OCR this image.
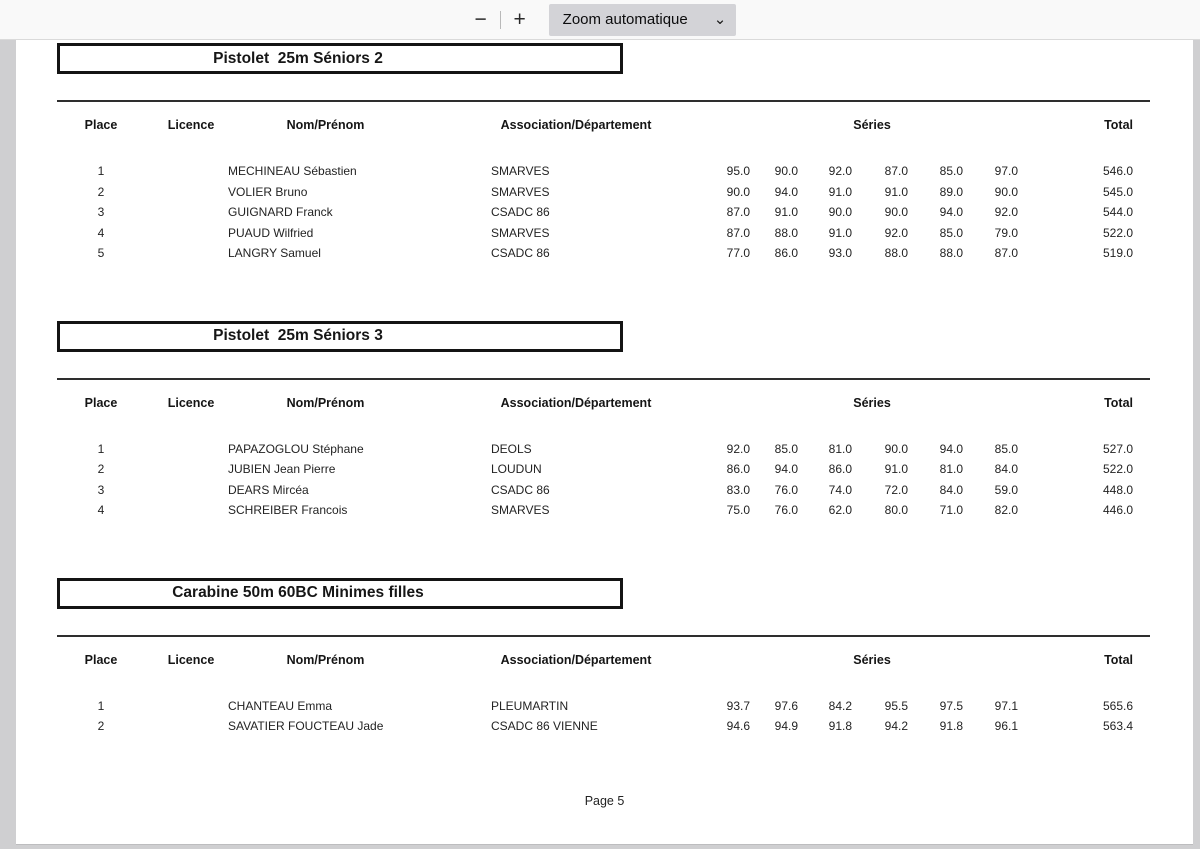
−	+	Zoom automatique ⌄
Pistolet  25m Séniors 2
Place	Licence	Nom/Prénom	Association/Département	Séries	Total
1	MECHINEAU Sébastien	SMARVES	95.0	90.0	92.0	87.0	85.0	97.0	546.0
2	VOLIER Bruno	SMARVES	90.0	94.0	91.0	91.0	89.0	90.0	545.0
3	GUIGNARD Franck	CSADC 86	87.0	91.0	90.0	90.0	94.0	92.0	544.0
4	PUAUD Wilfried	SMARVES	87.0	88.0	91.0	92.0	85.0	79.0	522.0
5	LANGRY Samuel	CSADC 86	77.0	86.0	93.0	88.0	88.0	87.0	519.0
Pistolet  25m Séniors 3
Place	Licence	Nom/Prénom	Association/Département	Séries	Total
1	PAPAZOGLOU Stéphane	DEOLS	92.0	85.0	81.0	90.0	94.0	85.0	527.0
2	JUBIEN Jean Pierre	LOUDUN	86.0	94.0	86.0	91.0	81.0	84.0	522.0
3	DEARS Mircéa	CSADC 86	83.0	76.0	74.0	72.0	84.0	59.0	448.0
4	SCHREIBER Francois	SMARVES	75.0	76.0	62.0	80.0	71.0	82.0	446.0
Carabine 50m 60BC Minimes filles
Place	Licence	Nom/Prénom	Association/Département	Séries	Total
1	CHANTEAU Emma	PLEUMARTIN	93.7	97.6	84.2	95.5	97.5	97.1	565.6
2	SAVATIER FOUCTEAU Jade	CSADC 86 VIENNE	94.6	94.9	91.8	94.2	91.8	96.1	563.4
Page 5
